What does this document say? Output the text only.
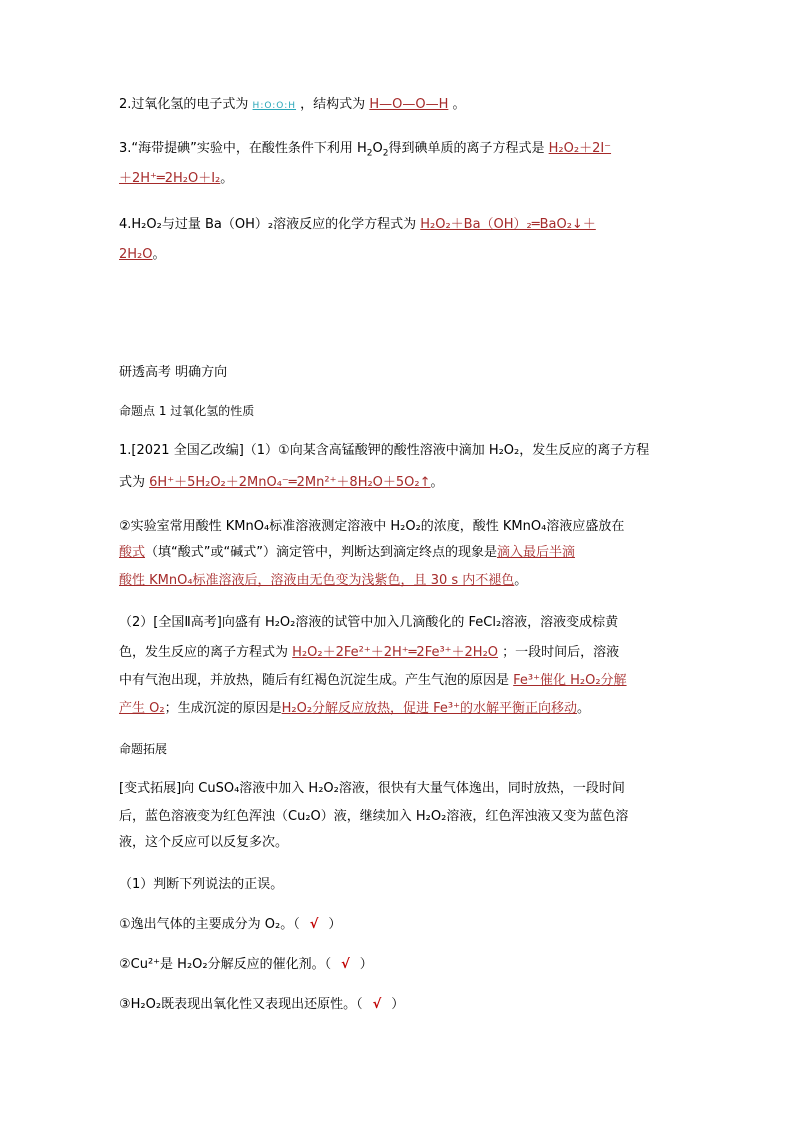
2.过氧化氢的电子式为 H:O:O:H ，结构式为 H—O—O—H 。
3.“海带提碘”实验中，在酸性条件下利用 $H_2O_2$得到碘单质的离子方程式是 H₂O₂＋2I⁻
＋2H⁺═2H₂O＋I₂。
4.H₂O₂与过量 Ba（OH）₂溶液反应的化学方程式为 H₂O₂＋Ba（OH）₂═BaO₂↓＋
2H₂O。
研透高考 明确方向
命题点 1 过氧化氢的性质
1.[2021 全国乙改编]（1）①向某含高锰酸钾的酸性溶液中滴加 H₂O₂，发生反应的离子方程
式为 6H⁺＋5H₂O₂＋2MnO₄⁻═2Mn²⁺＋8H₂O＋5O₂↑。
②实验室常用酸性 KMnO₄标准溶液测定溶液中 H₂O₂的浓度，酸性 KMnO₄溶液应盛放在
酸式（填“酸式”或“碱式”）滴定管中，判断达到滴定终点的现象是滴入最后半滴
酸性 KMnO₄标准溶液后，溶液由无色变为浅紫色，且 30 s 内不褪色。
（2）[全国Ⅱ高考]向盛有 H₂O₂溶液的试管中加入几滴酸化的 FeCl₂溶液，溶液变成棕黄
色，发生反应的离子方程式为 H₂O₂＋2Fe²⁺＋2H⁺═2Fe³⁺＋2H₂O ；一段时间后，溶液
中有气泡出现，并放热，随后有红褐色沉淀生成。产生气泡的原因是 Fe³⁺催化 H₂O₂分解
产生 O₂；生成沉淀的原因是H₂O₂分解反应放热，促进 Fe³⁺的水解平衡正向移动。
命题拓展
[变式拓展]向 CuSO₄溶液中加入 H₂O₂溶液，很快有大量气体逸出，同时放热，一段时间
后，蓝色溶液变为红色浑浊（Cu₂O）液，继续加入 H₂O₂溶液，红色浑浊液又变为蓝色溶
液，这个反应可以反复多次。
（1）判断下列说法的正误。
①逸出气体的主要成分为 O₂。（ √ ）
②Cu²⁺是 H₂O₂分解反应的催化剂。（ √ ）
③H₂O₂既表现出氧化性又表现出还原性。（ √ ）
